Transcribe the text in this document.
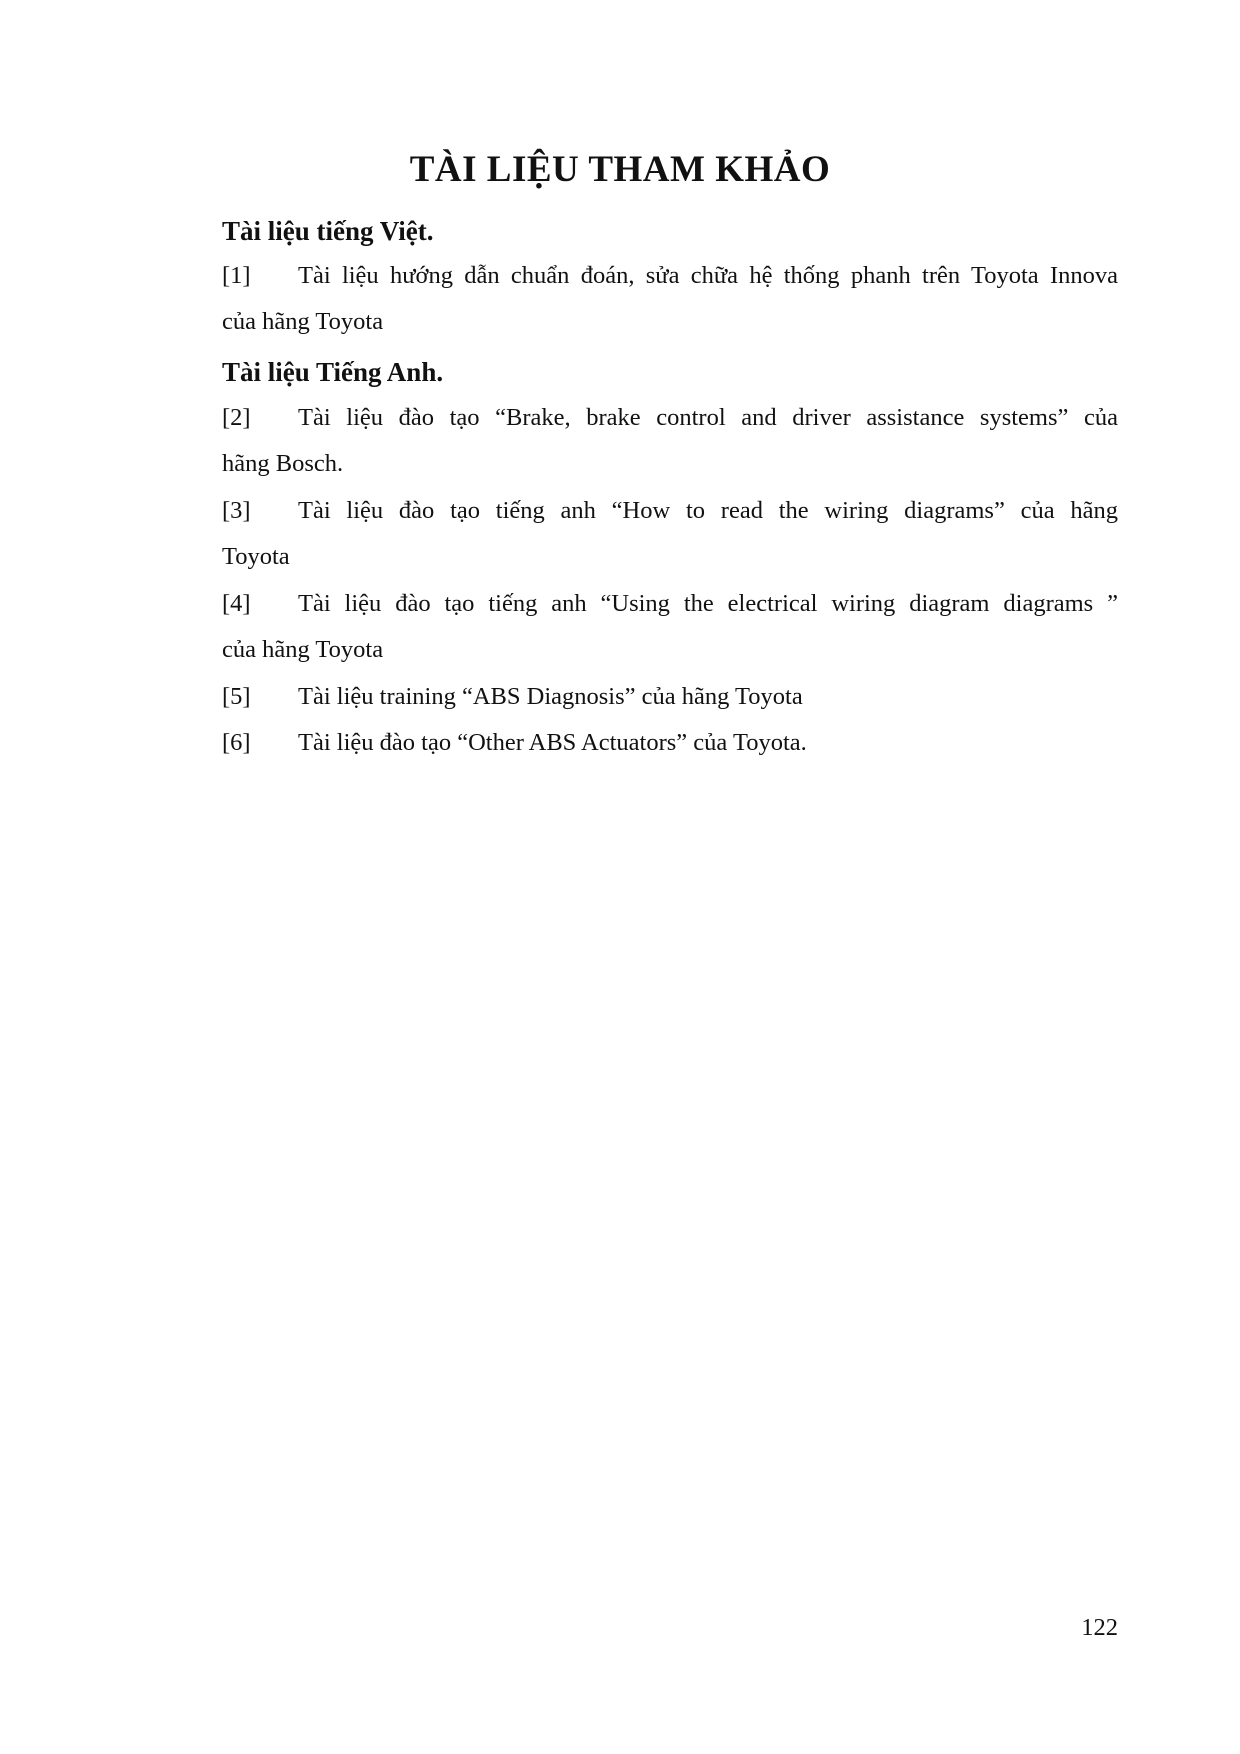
TÀI LIỆU THAM KHẢO
Tài liệu tiếng Việt.
[1]	Tài liệu hướng dẫn chuẩn đoán, sửa chữa hệ thống phanh trên Toyota Innova
của hãng Toyota
Tài liệu Tiếng Anh.
[2]	Tài liệu đào tạo “Brake, brake control and driver assistance systems” của
hãng Bosch.
[3]	Tài liệu đào tạo tiếng anh “How to read the wiring diagrams” của hãng
Toyota
[4]	Tài liệu đào tạo tiếng anh “Using the electrical wiring diagram diagrams ”
của hãng Toyota
[5]	Tài liệu training “ABS Diagnosis” của hãng Toyota
[6]	Tài liệu đào tạo “Other ABS Actuators” của Toyota.
122
